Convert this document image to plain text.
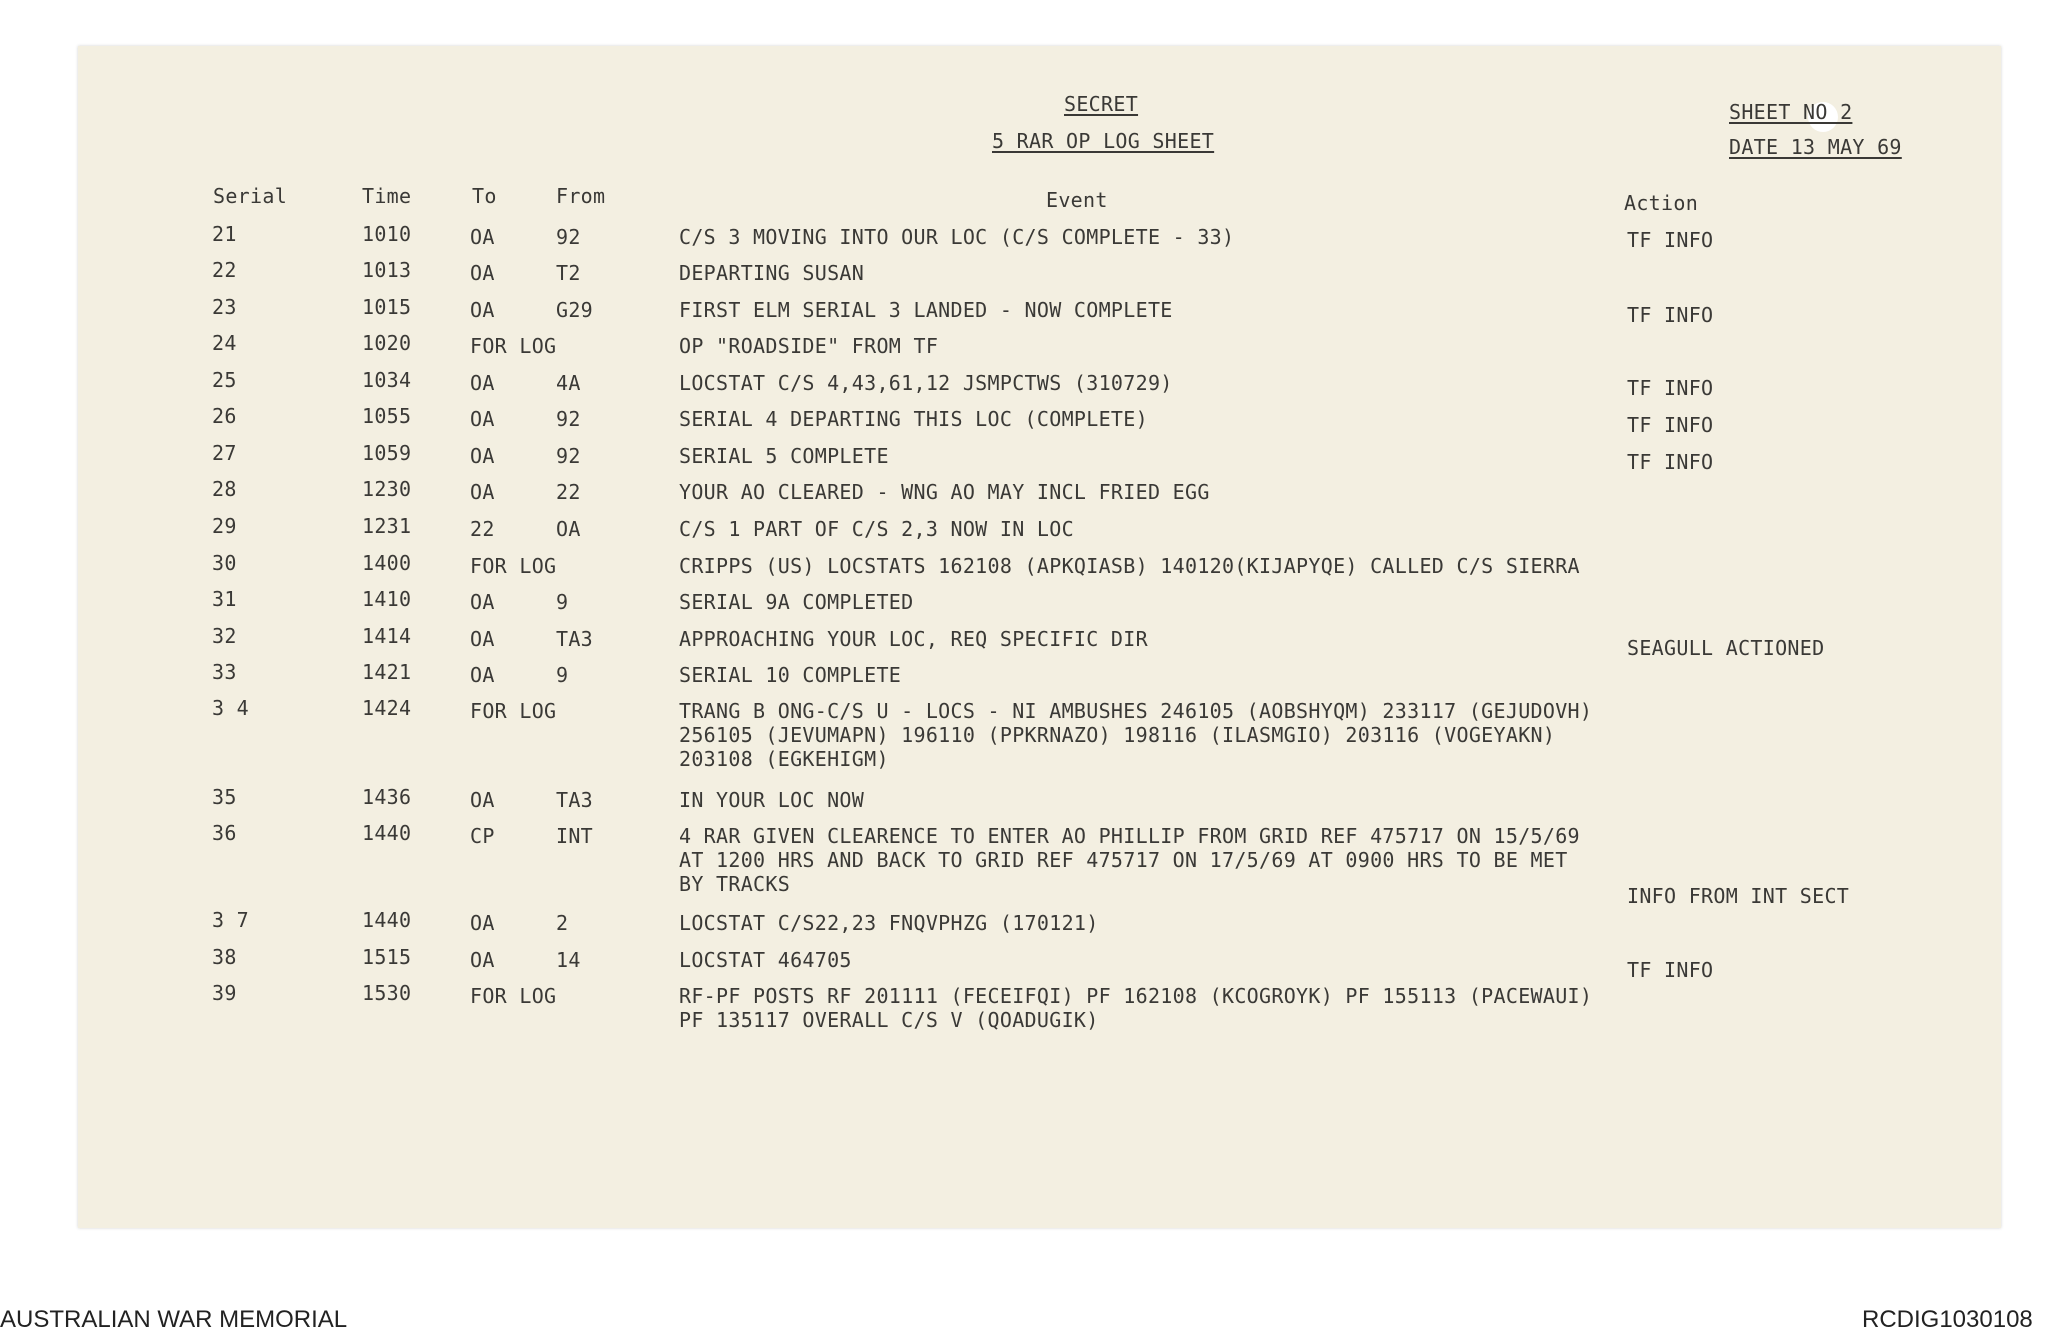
SECRET
5 RAR OP LOG SHEET
SHEET NO 2
DATE 13 MAY 69
Serial	Time	To	From	Event	Action
21	1010	OA	92	C/S 3 MOVING INTO OUR LOC (C/S COMPLETE - 33)	TF INFO
22	1013	OA	T2	DEPARTING SUSAN
23	1015	OA	G29	FIRST ELM SERIAL 3 LANDED - NOW COMPLETE	TF INFO
24	1020	FOR LOG	OP "ROADSIDE" FROM TF
25	1034	OA	4A	LOCSTAT C/S 4,43,61,12 JSMPCTWS (310729)	TF INFO
26	1055	OA	92	SERIAL 4 DEPARTING THIS LOC (COMPLETE)	TF INFO
27	1059	OA	92	SERIAL 5 COMPLETE	TF INFO
28	1230	OA	22	YOUR AO CLEARED - WNG AO MAY INCL FRIED EGG
29	1231	22	OA	C/S 1 PART OF C/S 2,3 NOW IN LOC
30	1400	FOR LOG	CRIPPS (US) LOCSTATS 162108 (APKQIASB) 140120(KIJAPYQE) CALLED C/S SIERRA
31	1410	OA	9	SERIAL 9A COMPLETED
32	1414	OA	TA3	APPROACHING YOUR LOC, REQ SPECIFIC DIR	SEAGULL ACTIONED
33	1421	OA	9	SERIAL 10 COMPLETE
3 4	1424	FOR LOG	TRANG B ONG-C/S U - LOCS - NI AMBUSHES 246105 (AOBSHYQM) 233117 (GEJUDOVH)
256105 (JEVUMAPN) 196110 (PPKRNAZO) 198116 (ILASMGIO) 203116 (VOGEYAKN)
203108 (EGKEHIGM)
35	1436	OA	TA3	IN YOUR LOC NOW
36	1440	CP	INT	4 RAR GIVEN CLEARENCE TO ENTER AO PHILLIP FROM GRID REF 475717 ON 15/5/69
AT 1200 HRS AND BACK TO GRID REF 475717 ON 17/5/69 AT 0900 HRS TO BE MET
BY TRACKS	INFO FROM INT SECT
3 7	1440	OA	2	LOCSTAT C/S22,23 FNQVPHZG (170121)
38	1515	OA	14	LOCSTAT 464705	TF INFO
39	1530	FOR LOG	RF-PF POSTS RF 201111 (FECEIFQI) PF 162108 (KCOGROYK) PF 155113 (PACEWAUI)
PF 135117 OVERALL C/S V (QOADUGIK)
AUSTRALIAN WAR MEMORIAL	RCDIG1030108
